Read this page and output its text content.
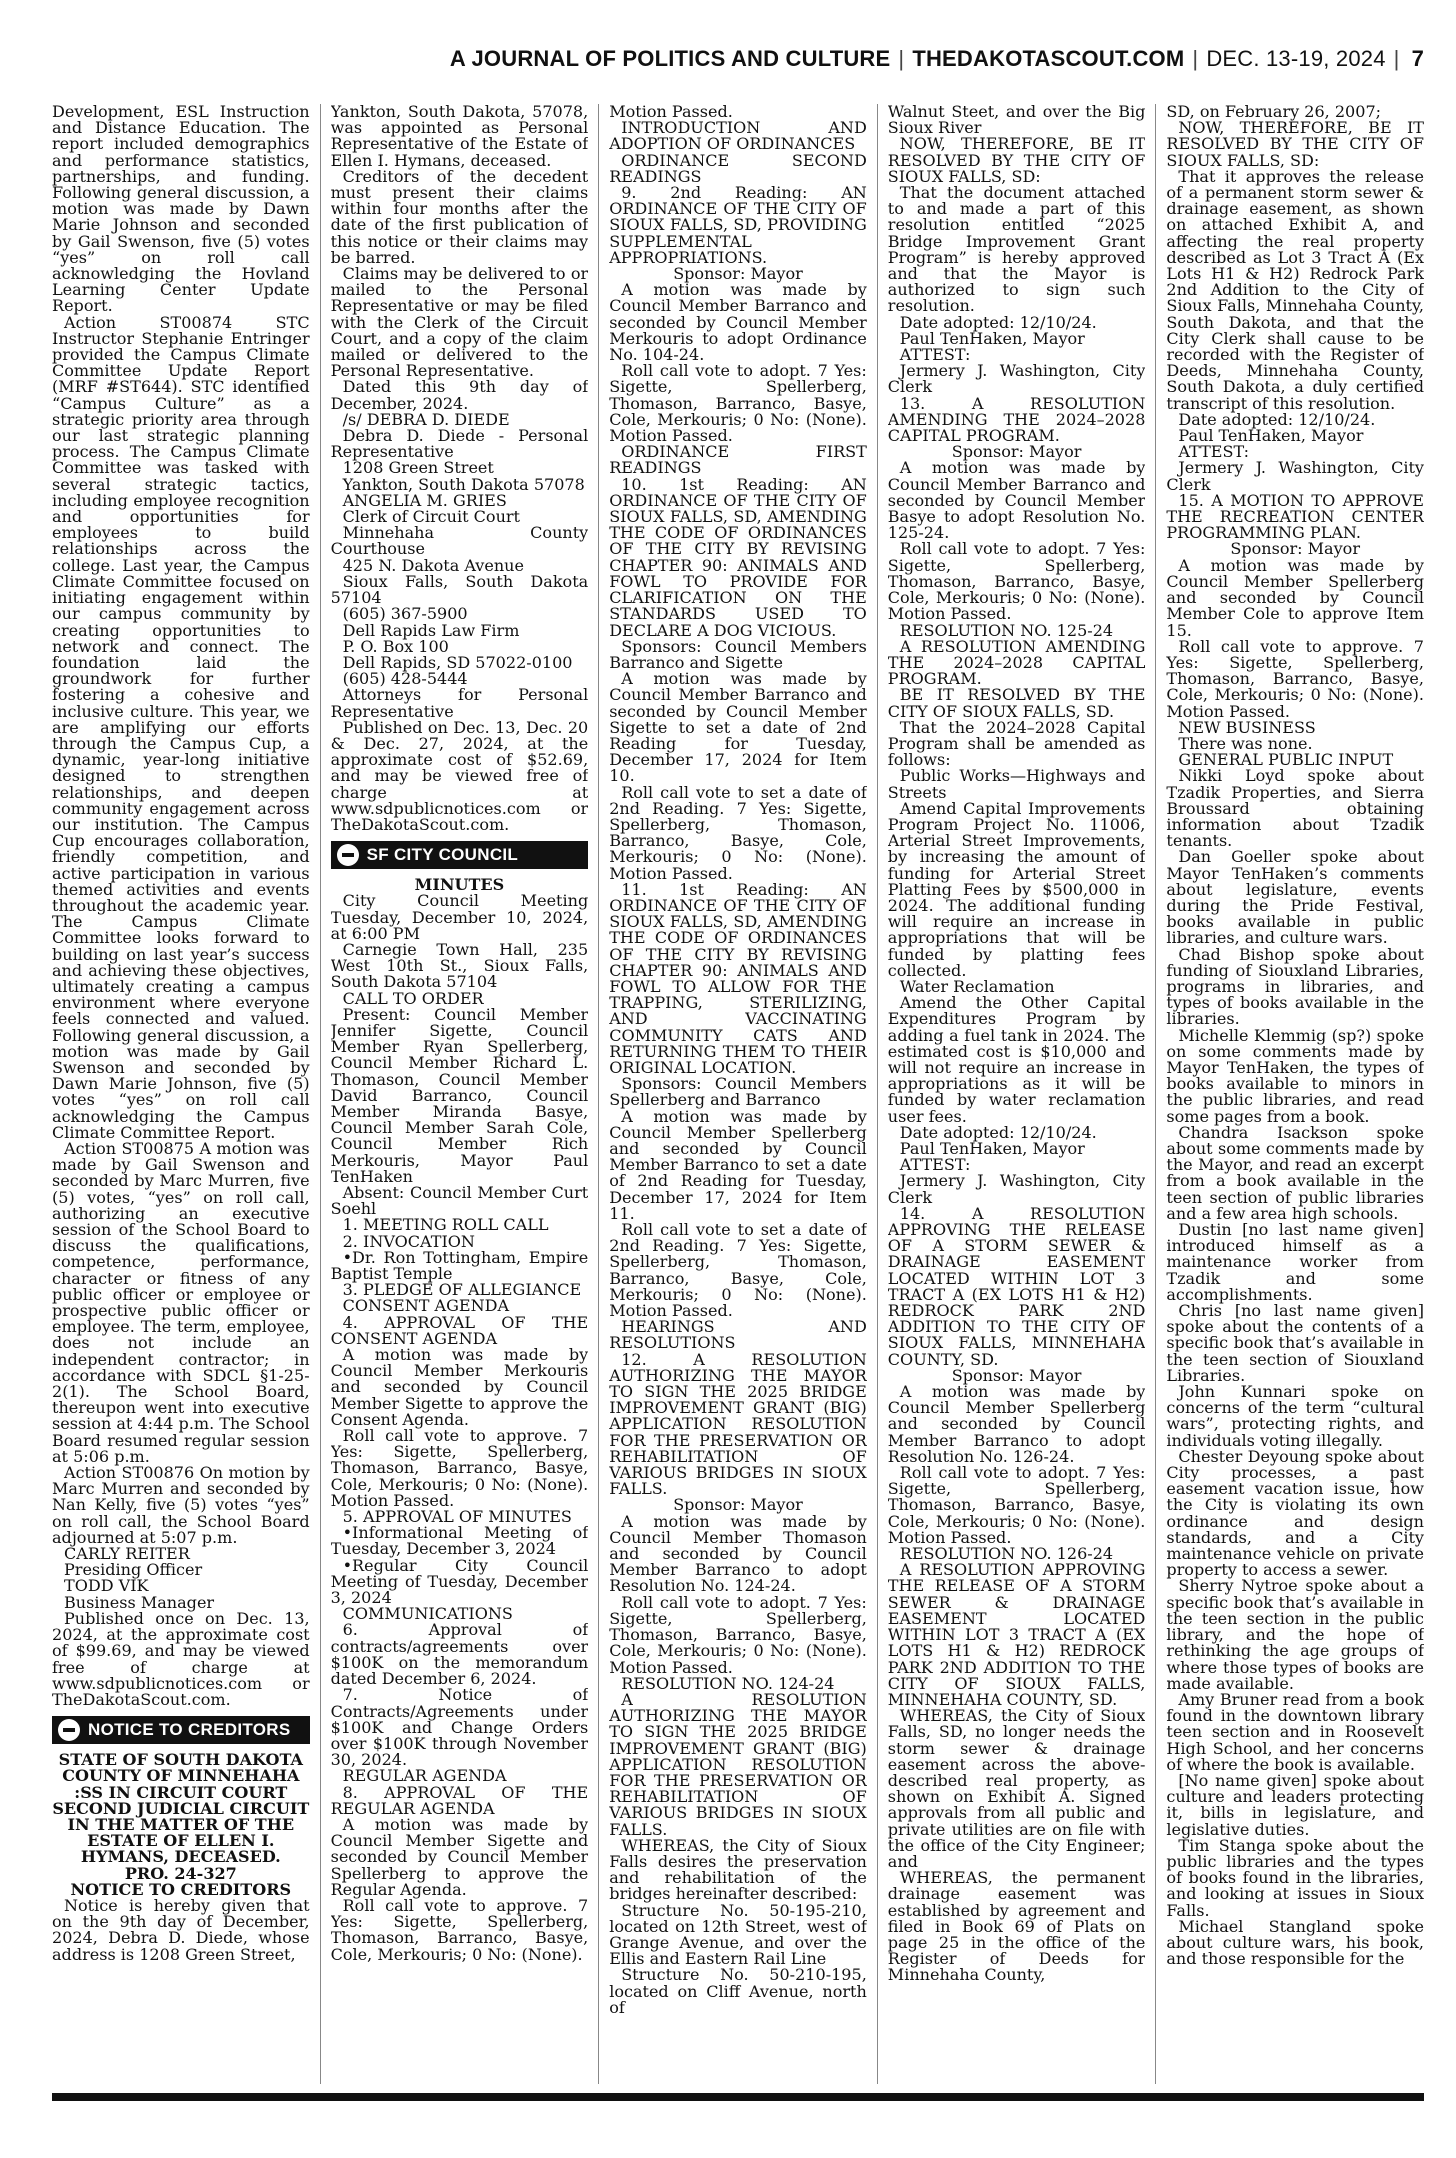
A JOURNAL OF POLITICS AND CULTURE | THEDAKOTASCOUT.COM | DEC. 13-19, 2024 | 7

Development, ESL Instruction and Distance Education. The report included demographics and performance statistics, partnerships, and funding. Following general discussion, a motion was made by Dawn Marie Johnson and seconded by Gail Swenson, five (5) votes “yes” on roll call acknowledging the Hovland Learning Center Update Report.

Action ST00874 STC Instructor Stephanie Entringer provided the Campus Climate Committee Update Report (MRF #ST644). STC identified “Campus Culture” as a strategic priority area through our last strategic planning process. The Campus Climate Committee was tasked with several strategic tactics, including employee recognition and opportunities for employees to build relationships across the college. Last year, the Campus Climate Committee focused on initiating engagement within our campus community by creating opportunities to network and connect. The foundation laid the groundwork for further fostering a cohesive and inclusive culture. This year, we are amplifying our efforts through the Campus Cup, a dynamic, year-long initiative designed to strengthen relationships, and deepen community engagement across our institution. The Campus Cup encourages collaboration, friendly competition, and active participation in various themed activities and events throughout the academic year. The Campus Climate Committee looks forward to building on last year’s success and achieving these objectives, ultimately creating a campus environment where everyone feels connected and valued. Following general discussion, a motion was made by Gail Swenson and seconded by Dawn Marie Johnson, five (5) votes “yes” on roll call acknowledging the Campus Climate Committee Report.

Action ST00875 A motion was made by Gail Swenson and seconded by Marc Murren, five (5) votes, “yes” on roll call, authorizing an executive session of the School Board to discuss the qualifications, competence, performance, character or fitness of any public officer or employee or prospective public officer or employee. The term, employee, does not include an independent contractor; in accordance with SDCL §1-25-2(1). The School Board, thereupon went into executive session at 4:44 p.m. The School Board resumed regular session at 5:06 p.m.

Action ST00876 On motion by Marc Murren and seconded by Nan Kelly, five (5) votes “yes” on roll call, the School Board adjourned at 5:07 p.m.

CARLY REITER

Presiding Officer

TODD VIK

Business Manager

Published once on Dec. 13, 2024, at the approximate cost of $99.69, and may be viewed free of charge at www.sdpublicnotices.com or TheDakotaScout.com.

NOTICE TO CREDITORS

STATE OF SOUTH DAKOTA COUNTY OF MINNEHAHA :SS IN CIRCUIT COURT SECOND JUDICIAL CIRCUIT IN THE MATTER OF THE ESTATE OF ELLEN I. HYMANS, DECEASED.

PRO. 24-327

NOTICE TO CREDITORS

Notice is hereby given that on the 9th day of December, 2024, Debra D. Diede, whose address is 1208 Green Street,

Yankton, South Dakota, 57078, was appointed as Personal Representative of the Estate of Ellen I. Hymans, deceased.

Creditors of the decedent must present their claims within four months after the date of the first publication of this notice or their claims may be barred.

Claims may be delivered to or mailed to the Personal Representative or may be filed with the Clerk of the Circuit Court, and a copy of the claim mailed or delivered to the Personal Representative.

Dated this 9th day of December, 2024.

/s/ DEBRA D. DIEDE

Debra D. Diede - Personal Representative

1208 Green Street

Yankton, South Dakota 57078

ANGELIA M. GRIES

Clerk of Circuit Court

Minnehaha County Courthouse

425 N. Dakota Avenue

Sioux Falls, South Dakota 57104

(605) 367-5900

Dell Rapids Law Firm

P. O. Box 100

Dell Rapids, SD 57022-0100

(605) 428-5444

Attorneys for Personal Representative

Published on Dec. 13, Dec. 20 & Dec. 27, 2024, at the approximate cost of $52.69, and may be viewed free of charge at www.sdpublicnotices.com or TheDakotaScout.com.

SF CITY COUNCIL

MINUTES

City Council Meeting Tuesday, December 10, 2024, at 6:00 PM

Carnegie Town Hall, 235 West 10th St., Sioux Falls, South Dakota 57104

CALL TO ORDER

Present: Council Member Jennifer Sigette, Council Member Ryan Spellerberg, Council Member Richard L. Thomason, Council Member David Barranco, Council Member Miranda Basye, Council Member Sarah Cole, Council Member Rich Merkouris, Mayor Paul TenHaken

Absent: Council Member Curt Soehl

1. MEETING ROLL CALL

2. INVOCATION

•Dr. Ron Tottingham, Empire Baptist Temple

3. PLEDGE OF ALLEGIANCE

CONSENT AGENDA

4. APPROVAL OF THE CONSENT AGENDA

A motion was made by Council Member Merkouris and seconded by Council Member Sigette to approve the Consent Agenda.

Roll call vote to approve. 7 Yes: Sigette, Spellerberg, Thomason, Barranco, Basye, Cole, Merkouris; 0 No: (None). Motion Passed.

5. APPROVAL OF MINUTES

•Informational Meeting of Tuesday, December 3, 2024

•Regular City Council Meeting of Tuesday, December 3, 2024

COMMUNICATIONS

6. Approval of contracts/agreements over $100K on the memorandum dated December 6, 2024.

7. Notice of Contracts/Agreements under $100K and Change Orders over $100K through November 30, 2024.

REGULAR AGENDA

8. APPROVAL OF THE REGULAR AGENDA

A motion was made by Council Member Sigette and seconded by Council Member Spellerberg to approve the Regular Agenda.

Roll call vote to approve. 7 Yes: Sigette, Spellerberg, Thomason, Barranco, Basye, Cole, Merkouris; 0 No: (None).

Motion Passed.

INTRODUCTION AND ADOPTION OF ORDINANCES

ORDINANCE SECOND READINGS

9. 2nd Reading: AN ORDINANCE OF THE CITY OF SIOUX FALLS, SD, PROVIDING SUPPLEMENTAL APPROPRIATIONS.

Sponsor: Mayor

A motion was made by Council Member Barranco and seconded by Council Member Merkouris to adopt Ordinance No. 104-24.

Roll call vote to adopt. 7 Yes: Sigette, Spellerberg, Thomason, Barranco, Basye, Cole, Merkouris; 0 No: (None). Motion Passed.

ORDINANCE FIRST READINGS

10. 1st Reading: AN ORDINANCE OF THE CITY OF SIOUX FALLS, SD, AMENDING THE CODE OF ORDINANCES OF THE CITY BY REVISING CHAPTER 90: ANIMALS AND FOWL TO PROVIDE FOR CLARIFICATION ON THE STANDARDS USED TO DECLARE A DOG VICIOUS.

Sponsors: Council Members Barranco and Sigette

A motion was made by Council Member Barranco and seconded by Council Member Sigette to set a date of 2nd Reading for Tuesday, December 17, 2024 for Item 10.

Roll call vote to set a date of 2nd Reading. 7 Yes: Sigette, Spellerberg, Thomason, Barranco, Basye, Cole, Merkouris; 0 No: (None). Motion Passed.

11. 1st Reading: AN ORDINANCE OF THE CITY OF SIOUX FALLS, SD, AMENDING THE CODE OF ORDINANCES OF THE CITY BY REVISING CHAPTER 90: ANIMALS AND FOWL TO ALLOW FOR THE TRAPPING, STERILIZING, AND VACCINATING COMMUNITY CATS AND RETURNING THEM TO THEIR ORIGINAL LOCATION.

Sponsors: Council Members Spellerberg and Barranco

A motion was made by Council Member Spellerberg and seconded by Council Member Barranco to set a date of 2nd Reading for Tuesday, December 17, 2024 for Item 11.

Roll call vote to set a date of 2nd Reading. 7 Yes: Sigette, Spellerberg, Thomason, Barranco, Basye, Cole, Merkouris; 0 No: (None). Motion Passed.

HEARINGS AND RESOLUTIONS

12. A RESOLUTION AUTHORIZING THE MAYOR TO SIGN THE 2025 BRIDGE IMPROVEMENT GRANT (BIG) APPLICATION RESOLUTION FOR THE PRESERVATION OR REHABILITATION OF VARIOUS BRIDGES IN SIOUX FALLS.

Sponsor: Mayor

A motion was made by Council Member Thomason and seconded by Council Member Barranco to adopt Resolution No. 124-24.

Roll call vote to adopt. 7 Yes: Sigette, Spellerberg, Thomason, Barranco, Basye, Cole, Merkouris; 0 No: (None). Motion Passed.

RESOLUTION NO. 124-24

A RESOLUTION AUTHORIZING THE MAYOR TO SIGN THE 2025 BRIDGE IMPROVEMENT GRANT (BIG) APPLICATION RESOLUTION FOR THE PRESERVATION OR REHABILITATION OF VARIOUS BRIDGES IN SIOUX FALLS.

WHEREAS, the City of Sioux Falls desires the preservation and rehabilitation of the bridges hereinafter described:

Structure No. 50-195-210, located on 12th Street, west of Grange Avenue, and over the Ellis and Eastern Rail Line

Structure No. 50-210-195, located on Cliff Avenue, north of

Walnut Steet, and over the Big Sioux River

NOW, THEREFORE, BE IT RESOLVED BY THE CITY OF SIOUX FALLS, SD:

That the document attached to and made a part of this resolution entitled “2025 Bridge Improvement Grant Program” is hereby approved and that the Mayor is authorized to sign such resolution.

Date adopted: 12/10/24.

Paul TenHaken, Mayor

ATTEST:

Jermery J. Washington, City Clerk

13. A RESOLUTION AMENDING THE 2024–2028 CAPITAL PROGRAM.

Sponsor: Mayor

A motion was made by Council Member Barranco and seconded by Council Member Basye to adopt Resolution No. 125-24.

Roll call vote to adopt. 7 Yes: Sigette, Spellerberg, Thomason, Barranco, Basye, Cole, Merkouris; 0 No: (None). Motion Passed.

RESOLUTION NO. 125-24

A RESOLUTION AMENDING THE 2024–2028 CAPITAL PROGRAM.

BE IT RESOLVED BY THE CITY OF SIOUX FALLS, SD.

That the 2024–2028 Capital Program shall be amended as follows:

Public Works—Highways and Streets

Amend Capital Improvements Program Project No. 11006, Arterial Street Improvements, by increasing the amount of funding for Arterial Street Platting Fees by $500,000 in 2024. The additional funding will require an increase in appropriations that will be funded by platting fees collected.

Water Reclamation

Amend the Other Capital Expenditures Program by adding a fuel tank in 2024. The estimated cost is $10,000 and will not require an increase in appropriations as it will be funded by water reclamation user fees.

Date adopted: 12/10/24.

Paul TenHaken, Mayor

ATTEST:

Jermery J. Washington, City Clerk

14. A RESOLUTION APPROVING THE RELEASE OF A STORM SEWER & DRAINAGE EASEMENT LOCATED WITHIN LOT 3 TRACT A (EX LOTS H1 & H2) REDROCK PARK 2ND ADDITION TO THE CITY OF SIOUX FALLS, MINNEHAHA COUNTY, SD.

Sponsor: Mayor

A motion was made by Council Member Spellerberg and seconded by Council Member Barranco to adopt Resolution No. 126-24.

Roll call vote to adopt. 7 Yes: Sigette, Spellerberg, Thomason, Barranco, Basye, Cole, Merkouris; 0 No: (None). Motion Passed.

RESOLUTION NO. 126-24

A RESOLUTION APPROVING THE RELEASE OF A STORM SEWER & DRAINAGE EASEMENT LOCATED WITHIN LOT 3 TRACT A (EX LOTS H1 & H2) REDROCK PARK 2ND ADDITION TO THE CITY OF SIOUX FALLS, MINNEHAHA COUNTY, SD.

WHEREAS, the City of Sioux Falls, SD, no longer needs the storm sewer & drainage easement across the above-described real property, as shown on Exhibit A. Signed approvals from all public and private utilities are on file with the office of the City Engineer; and

WHEREAS, the permanent drainage easement was established by agreement and filed in Book 69 of Plats on page 25 in the office of the Register of Deeds for Minnehaha County,

SD, on February 26, 2007;

NOW, THEREFORE, BE IT RESOLVED BY THE CITY OF SIOUX FALLS, SD:

That it approves the release of a permanent storm sewer & drainage easement, as shown on attached Exhibit A, and affecting the real property described as Lot 3 Tract A (Ex Lots H1 & H2) Redrock Park 2nd Addition to the City of Sioux Falls, Minnehaha County, South Dakota, and that the City Clerk shall cause to be recorded with the Register of Deeds, Minnehaha County, South Dakota, a duly certified transcript of this resolution.

Date adopted: 12/10/24.

Paul TenHaken, Mayor

ATTEST:

Jermery J. Washington, City Clerk

15. A MOTION TO APPROVE THE RECREATION CENTER PROGRAMMING PLAN.

Sponsor: Mayor

A motion was made by Council Member Spellerberg and seconded by Council Member Cole to approve Item 15.

Roll call vote to approve. 7 Yes: Sigette, Spellerberg, Thomason, Barranco, Basye, Cole, Merkouris; 0 No: (None). Motion Passed.

NEW BUSINESS

There was none.

GENERAL PUBLIC INPUT

Nikki Loyd spoke about Tzadik Properties, and Sierra Broussard obtaining information about Tzadik tenants.

Dan Goeller spoke about Mayor TenHaken’s comments about legislature, events during the Pride Festival, books available in public libraries, and culture wars.

Chad Bishop spoke about funding of Siouxland Libraries, programs in libraries, and types of books available in the libraries.

Michelle Klemmig (sp?) spoke on some comments made by Mayor TenHaken, the types of books available to minors in the public libraries, and read some pages from a book.

Chandra Isackson spoke about some comments made by the Mayor, and read an excerpt from a book available in the teen section of public libraries and a few area high schools.

Dustin [no last name given] introduced himself as a maintenance worker from Tzadik and some accomplishments.

Chris [no last name given] spoke about the contents of a specific book that’s available in the teen section of Siouxland Libraries.

John Kunnari spoke on concerns of the term “cultural wars”, protecting rights, and individuals voting illegally.

Chester Deyoung spoke about City processes, a past easement vacation issue, how the City is violating its own ordinance and design standards, and a City maintenance vehicle on private property to access a sewer.

Sherry Nytroe spoke about a specific book that’s available in the teen section in the public library, and the hope of rethinking the age groups of where those types of books are made available.

Amy Bruner read from a book found in the downtown library teen section and in Roosevelt High School, and her concerns of where the book is available.

[No name given] spoke about culture and leaders protecting it, bills in legislature, and legislative duties.

Tim Stanga spoke about the public libraries and the types of books found in the libraries, and looking at issues in Sioux Falls.

Michael Stangland spoke about culture wars, his book, and those responsible for the
